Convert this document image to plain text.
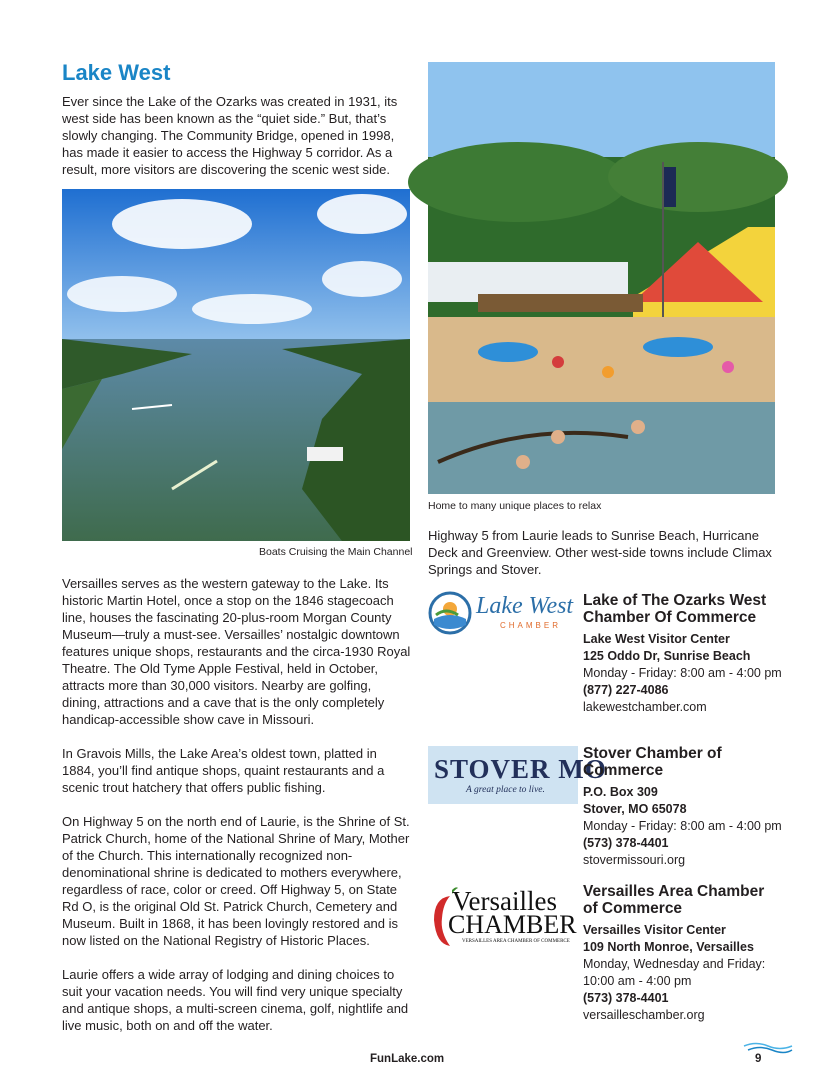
Lake West
Ever since the Lake of the Ozarks was created in 1931, its west side has been known as the “quiet side.” But, that’s slowly changing. The Community Bridge, opened in 1998, has made it easier to access the Highway 5 corridor. As a result, more visitors are discovering the scenic west side.
Boats Cruising the Main Channel
Home to many unique places to relax

Versailles serves as the western gateway to the Lake. Its historic Martin Hotel, once a stop on the 1846 stagecoach line, houses the fascinating 20-plus-room Morgan County Museum—truly a must-see. Versailles’ nostalgic downtown features unique shops, restaurants and the circa-1930 Royal Theatre. The Old Tyme Apple Festival, held in October, attracts more than 30,000 visitors. Nearby are golfing, dining, attractions and a cave that is the only completely handicap-accessible show cave in Missouri.

In Gravois Mills, the Lake Area’s oldest town, platted in 1884, you’ll find antique shops, quaint restaurants and a scenic trout hatchery that offers public fishing.

On Highway 5 on the north end of Laurie, is the Shrine of St. Patrick Church, home of the National Shrine of Mary, Mother of the Church. This internationally recognized non-denominational shrine is dedicated to mothers everywhere, regardless of race, color or creed. Off Highway 5, on State Rd O, is the original Old St. Patrick Church, Cemetery and Museum. Built in 1868, it has been lovingly restored and is now listed on the National Registry of Historic Places.

Laurie offers a wide array of lodging and dining choices to suit your vacation needs. You will find very unique specialty and antique shops, a multi-screen cinema, golf, nightlife and live music, both on and off the water.

Highway 5 from Laurie leads to Sunrise Beach, Hurricane Deck and Greenview. Other west-side towns include Climax Springs and Stover.
Lake West
CHAMBER
Lake of The Ozarks West Chamber Of Commerce
Lake West Visitor Center
125 Oddo Dr, Sunrise Beach
Monday - Friday: 8:00 am - 4:00 pm
(877) 227-4086
lakewestchamber.com
STOVER MO
A great place to live.
Stover Chamber of Commerce
P.O. Box 309
Stover, MO 65078
Monday - Friday: 8:00 am - 4:00 pm
(573) 378-4401
stovermissouri.org
Versailles
CHAMBER
VERSAILLES AREA CHAMBER OF COMMERCE
Versailles Area Chamber of Commerce
Versailles Visitor Center
109 North Monroe, Versailles
Monday, Wednesday and Friday: 10:00 am - 4:00 pm
(573) 378-4401
versailleschamber.org
FunLake.com	9
